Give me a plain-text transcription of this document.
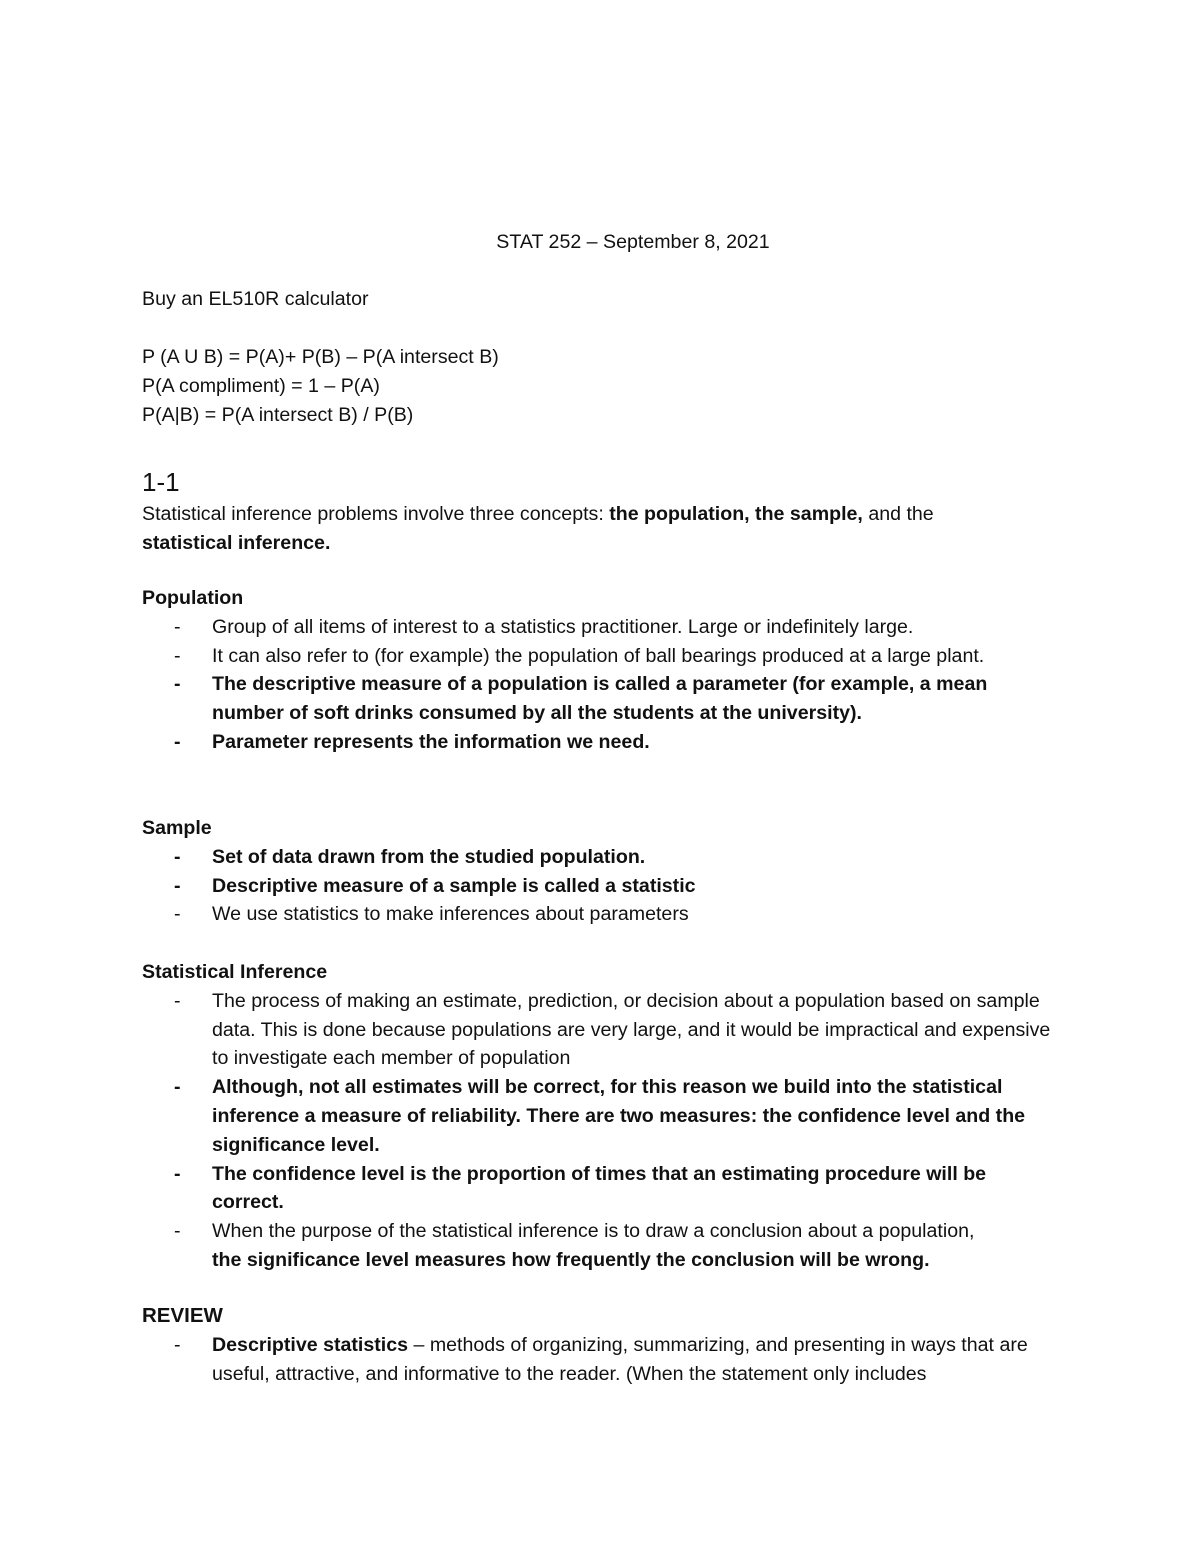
STAT 252 – September 8, 2021
Buy an EL510R calculator
P (A U B) = P(A)+ P(B) – P(A intersect B)
P(A compliment) = 1 – P(A)
P(A|B) = P(A intersect B) / P(B)
1-1
Statistical inference problems involve three concepts: the population, the sample, and the
statistical inference.
Population
- Group of all items of interest to a statistics practitioner. Large or indefinitely large.
- It can also refer to (for example) the population of ball bearings produced at a large plant.
- The descriptive measure of a population is called a parameter (for example, a mean number of soft drinks consumed by all the students at the university).
- Parameter represents the information we need.
Sample
- Set of data drawn from the studied population.
- Descriptive measure of a sample is called a statistic
- We use statistics to make inferences about parameters
Statistical Inference
- The process of making an estimate, prediction, or decision about a population based on sample data. This is done because populations are very large, and it would be impractical and expensive to investigate each member of population
- Although, not all estimates will be correct, for this reason we build into the statistical inference a measure of reliability. There are two measures: the confidence level and the significance level.
- The confidence level is the proportion of times that an estimating procedure will be correct.
- When the purpose of the statistical inference is to draw a conclusion about a population,
the significance level measures how frequently the conclusion will be wrong.
REVIEW
- Descriptive statistics – methods of organizing, summarizing, and presenting in ways that are useful, attractive, and informative to the reader. (When the statement only includes
